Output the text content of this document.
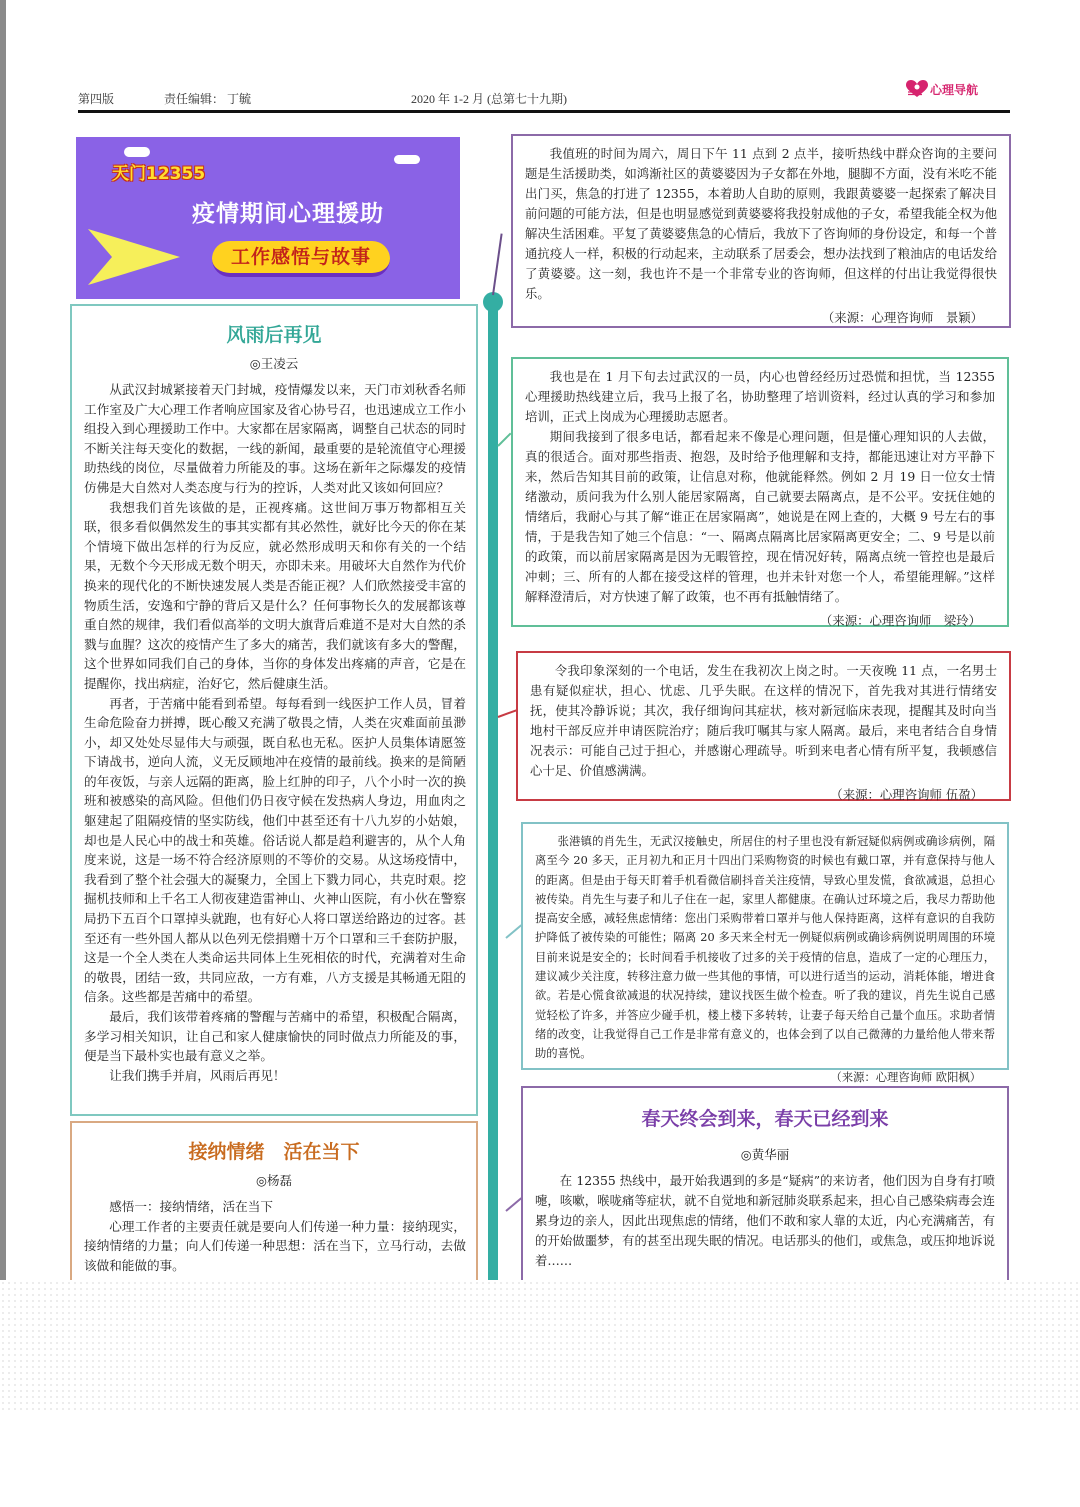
第四版	责任编辑： 丁毓	2020 年 1-2 月 (总第七十九期)
心理导航
天门12355
疫情期间心理援助
工作感悟与故事
风雨后再见
◎王凌云

从武汉封城紧接着天门封城，疫情爆发以来，天门市刘秋香名师工作室及广大心理工作者响应国家及省心协号召，也迅速成立工作小组投入到心理援助工作中。大家都在居家隔离，调整自己状态的同时不断关注每天变化的数据，一线的新闻，最重要的是轮流值守心理援助热线的岗位，尽量做着力所能及的事。这场在新年之际爆发的疫情仿佛是大自然对人类态度与行为的控诉，人类对此又该如何回应？

我想我们首先该做的是，正视疼痛。这世间万事万物都相互关联，很多看似偶然发生的事其实都有其必然性，就好比今天的你在某个情境下做出怎样的行为反应，就必然形成明天和你有关的一个结果，无数个今天形成无数个明天，亦即未来。用破坏大自然作为代价换来的现代化的不断快速发展人类是否能正视？人们欣然接受丰富的物质生活，安逸和宁静的背后又是什么？任何事物长久的发展都该尊重自然的规律，我们看似高举的文明大旗背后难道不是对大自然的杀戮与血腥？这次的疫情产生了多大的痛苦，我们就该有多大的警醒，这个世界如同我们自己的身体，当你的身体发出疼痛的声音，它是在提醒你，找出病症，治好它，然后健康生活。

再者，于苦痛中能看到希望。每每看到一线医护工作人员，冒着生命危险奋力拼搏，既心酸又充满了敬畏之情，人类在灾难面前虽渺小，却又处处尽显伟大与顽强，既自私也无私。医护人员集体请愿签下请战书，逆向人流，义无反顾地冲在疫情的最前线。换来的是简陋的年夜饭，与亲人远隔的距离，脸上红肿的印子，八个小时一次的换班和被感染的高风险。但他们仍日夜守候在发热病人身边，用血肉之躯建起了阻隔疫情的坚实防线，他们中甚至还有十八九岁的小姑娘，却也是人民心中的战士和英雄。俗话说人都是趋利避害的，从个人角度来说，这是一场不符合经济原则的不等价的交易。从这场疫情中，我看到了整个社会强大的凝聚力，全国上下戮力同心，共克时艰。挖掘机技师和上千名工人彻夜建造雷神山、火神山医院，有小伙在警察局扔下五百个口罩掉头就跑，也有好心人将口罩送给路边的过客。甚至还有一些外国人都从以色列无偿捐赠十万个口罩和三千套防护服，这是一个全人类在人类命运共同体上生死相依的时代，充满着对生命的敬畏，团结一致，共同应敌，一方有难，八方支援是其畅通无阻的信条。这些都是苦痛中的希望。

最后，我们该带着疼痛的警醒与苦痛中的希望，积极配合隔离，多学习相关知识，让自己和家人健康愉快的同时做点力所能及的事，便是当下最朴实也最有意义之举。

让我们携手并肩，风雨后再见！

接纳情绪　活在当下
◎杨磊

感悟一：接纳情绪，活在当下

心理工作者的主要责任就是要向人们传递一种力量：接纳现实，接纳情绪的力量；向人们传递一种思想：活在当下，立马行动，去做该做和能做的事。

我值班的时间为周六，周日下午 11 点到 2 点半，接听热线中群众咨询的主要问题是生活援助类，如鸿渐社区的黄婆婆因为子女都在外地，腿脚不方面，没有米吃不能出门买，焦急的打进了 12355，本着助人自助的原则，我跟黄婆婆一起探索了解决目前问题的可能方法，但是也明显感觉到黄婆婆将我投射成他的子女，希望我能全权为他解决生活困难。平复了黄婆婆焦急的心情后，我放下了咨询师的身份设定，和每一个普通抗疫人一样，积极的行动起来，主动联系了居委会，想办法找到了粮油店的电话发给了黄婆婆。这一刻，我也许不是一个非常专业的咨询师，但这样的付出让我觉得很快乐。

（来源：心理咨询师　景颖）

我也是在 1 月下旬去过武汉的一员，内心也曾经经历过恐慌和担忧，当 12355 心理援助热线建立后，我马上报了名，协助整理了培训资料，经过认真的学习和参加培训，正式上岗成为心理援助志愿者。

期间我接到了很多电话，都看起来不像是心理问题，但是懂心理知识的人去做，真的很适合。面对那些指责、抱怨，及时给予他理解和支持，都能迅速让对方平静下来，然后告知其目前的政策，让信息对称，他就能释然。例如 2 月 19 日一位女士情绪激动，质问我为什么别人能居家隔离，自己就要去隔离点，是不公平。安抚住她的情绪后，我耐心与其了解“谁正在居家隔离”，她说是在网上查的，大概 9 号左右的事情，于是我告知了她三个信息：“一、隔离点隔离比居家隔离更安全；二、9 号是以前的政策，而以前居家隔离是因为无暇管控，现在情况好转，隔离点统一管控也是最后冲刺；三、所有的人都在接受这样的管理，也并未针对您一个人，希望能理解。”这样解释澄清后，对方快速了解了政策，也不再有抵触情绪了。

（来源：心理咨询师　梁玲）

令我印象深刻的一个电话，发生在我初次上岗之时。一天夜晚 11 点，一名男士患有疑似症状，担心、忧虑、几乎失眠。在这样的情况下，首先我对其进行情绪安抚，使其冷静诉说；其次，我仔细询问其症状，核对新冠临床表现，提醒其及时向当地村干部反应并申请医院治疗；随后我叮嘱其与家人隔离。最后，来电者结合自身情况表示：可能自己过于担心，并感谢心理疏导。听到来电者心情有所平复，我顿感信心十足、价值感满满。

（来源：心理咨询师 伍盈）

张港镇的肖先生，无武汉接触史，所居住的村子里也没有新冠疑似病例或确诊病例，隔离至今 20 多天，正月初九和正月十四出门采购物资的时候也有戴口罩，并有意保持与他人的距离。但是由于每天盯着手机看微信刷抖音关注疫情，导致心里发慌，食欲减退，总担心被传染。肖先生与妻子和儿子住在一起，家里人都健康。在确认过环境之后，我尽力帮助他提高安全感，减轻焦虑情绪：您出门采购带着口罩并与他人保持距离，这样有意识的自我防护降低了被传染的可能性；隔离 20 多天来全村无一例疑似病例或确诊病例说明周围的环境目前来说是安全的；长时间看手机接收了过多的关于疫情的信息，造成了一定的心理压力，建议减少关注度，转移注意力做一些其他的事情，可以进行适当的运动，消耗体能，增进食欲。若是心慌食欲减退的状况持续，建议找医生做个检查。听了我的建议，肖先生说自己感觉轻松了许多，并答应少碰手机，楼上楼下多转转，让妻子每天给自己量个血压。求助者情绪的改变，让我觉得自己工作是非常有意义的，也体会到了以自己微薄的力量给他人带来帮助的喜悦。

（来源：心理咨询师 欧阳枫）
春天终会到来，春天已经到来
◎黄华丽

在 12355 热线中，最开始我遇到的多是“疑病”的来访者，他们因为自身有打喷嚏，咳嗽，喉咙痛等症状，就不自觉地和新冠肺炎联系起来，担心自己感染病毒会连累身边的亲人，因此出现焦虑的情绪，他们不敢和家人靠的太近，内心充满痛苦，有的开始做噩梦，有的甚至出现失眠的情况。电话那头的他们，或焦急，或压抑地诉说着……
